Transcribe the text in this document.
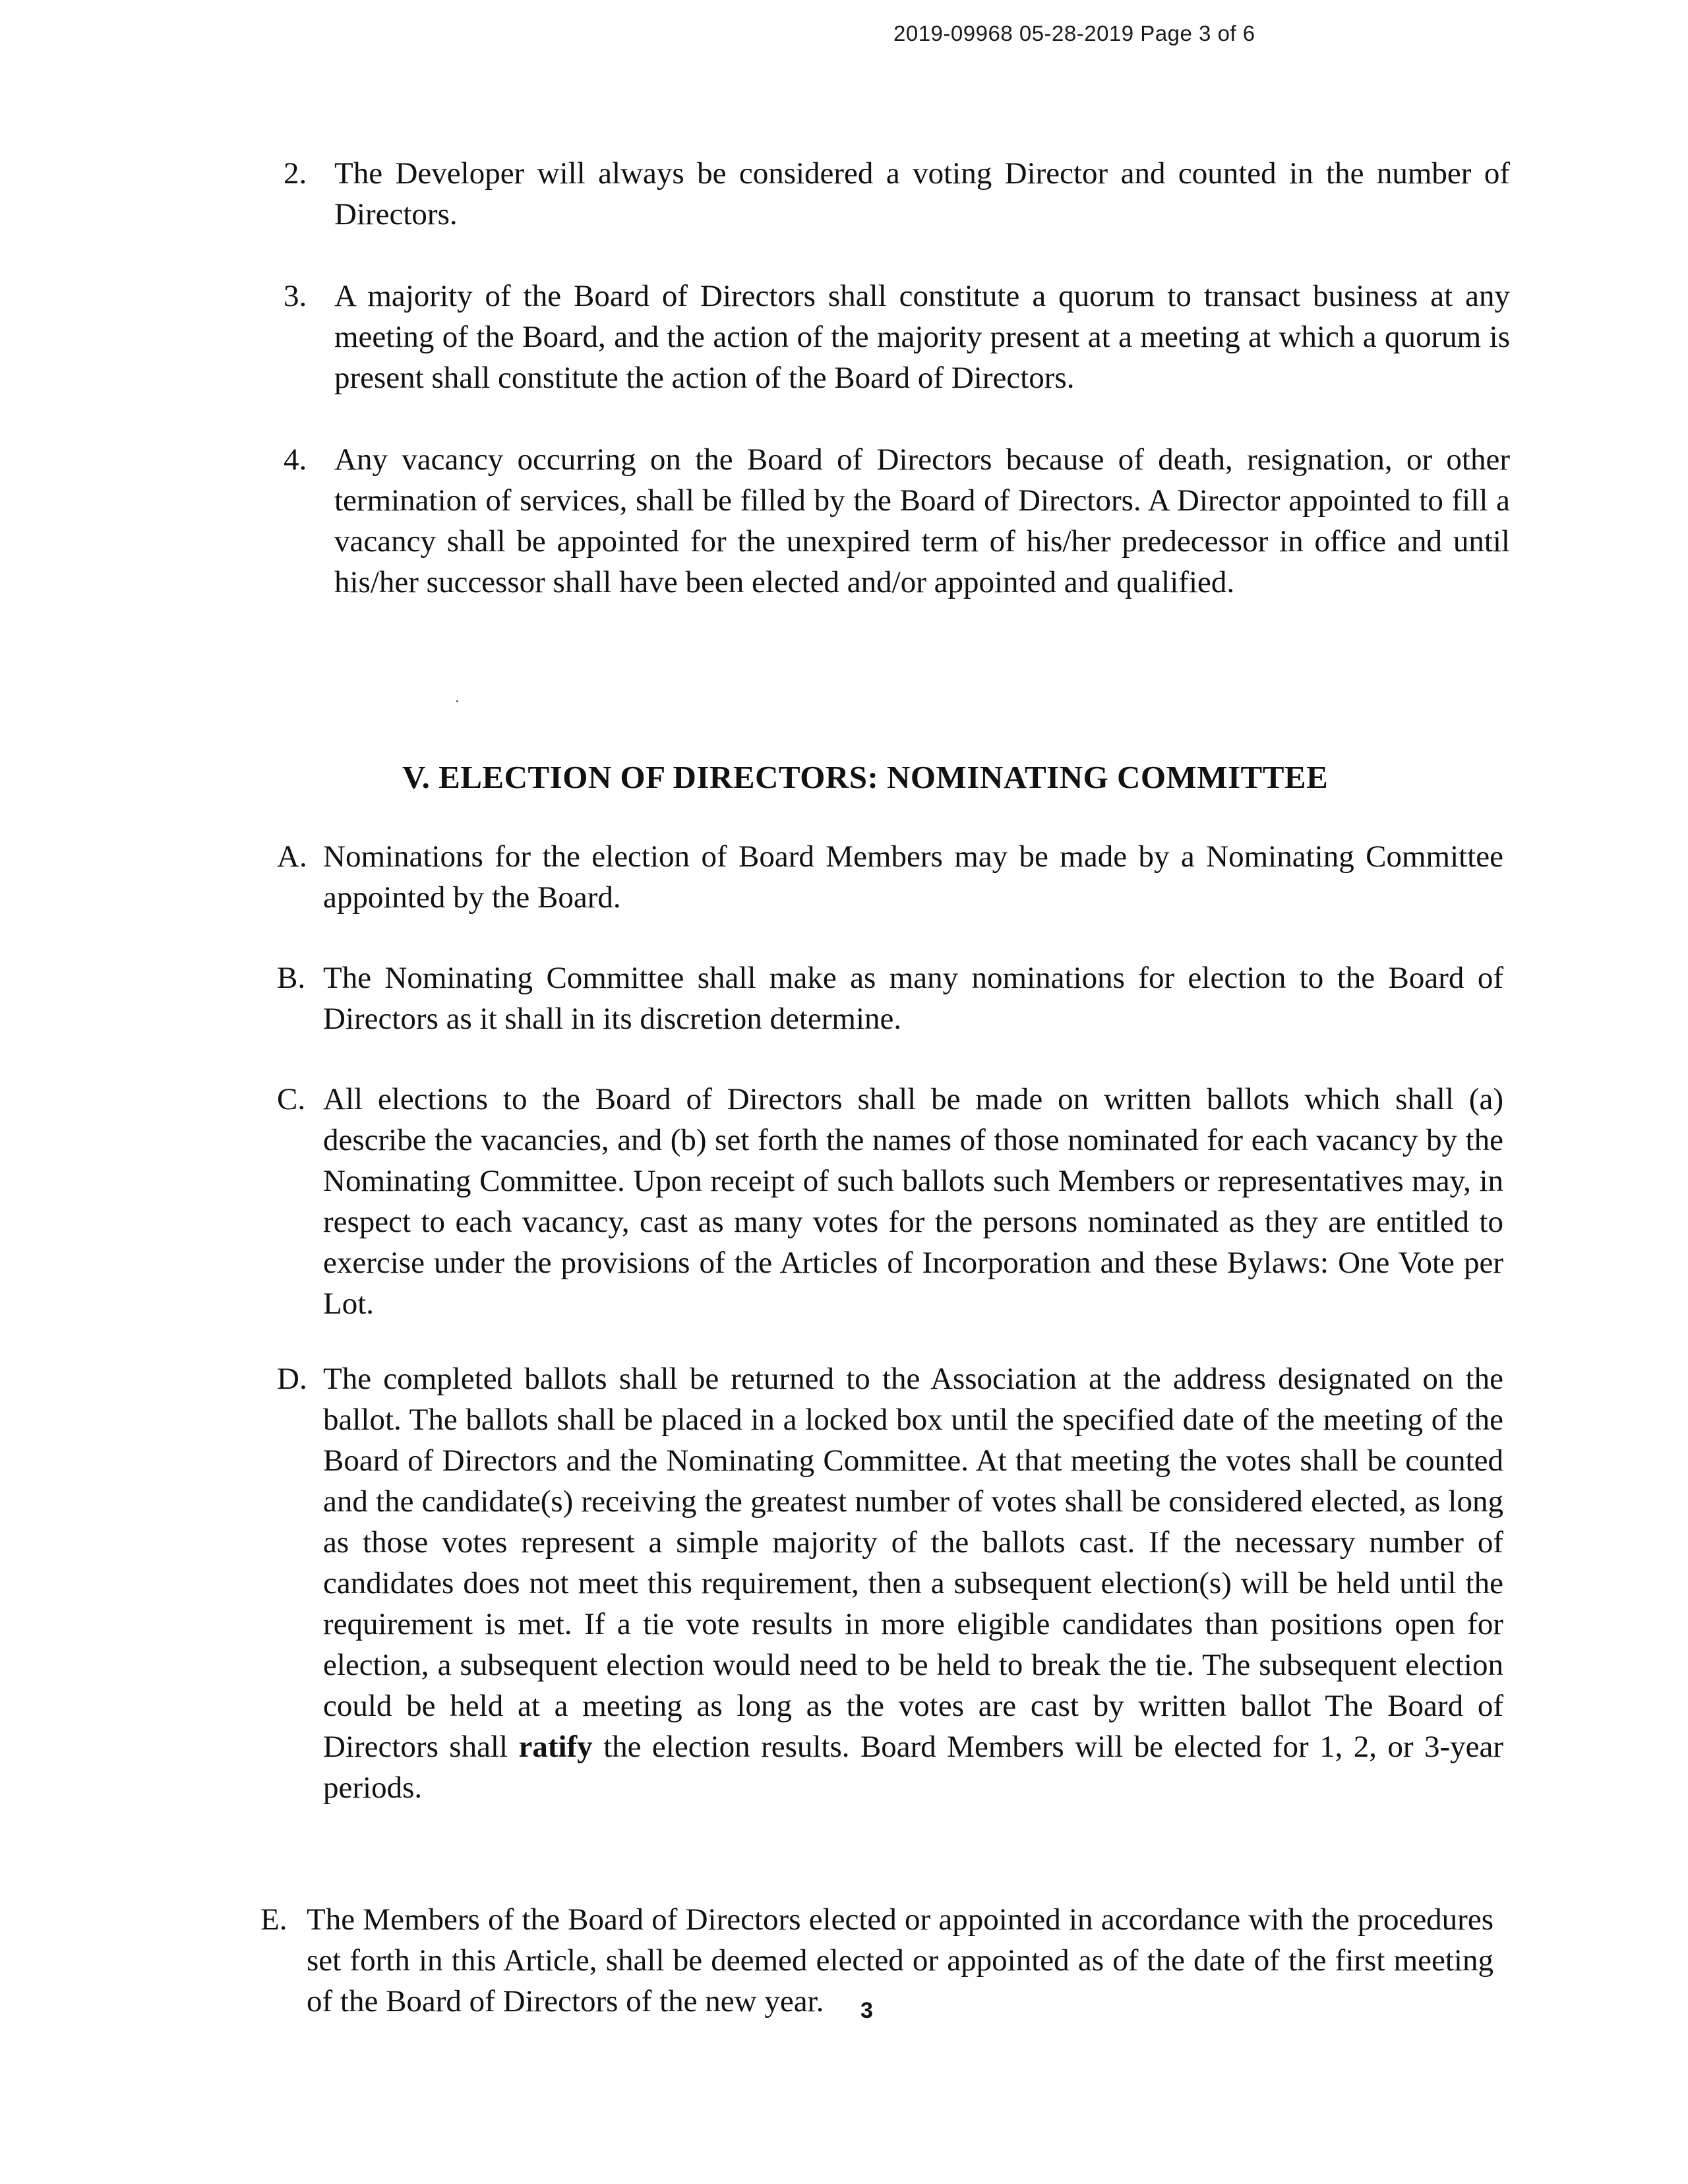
2019-09968 05-28-2019 Page 3 of 6
2. The Developer will always be considered a voting Director and counted in the number of Directors.
3. A majority of the Board of Directors shall constitute a quorum to transact business at any meeting of the Board, and the action of the majority present at a meeting at which a quorum is present shall constitute the action of the Board of Directors.
4. Any vacancy occurring on the Board of Directors because of death, resignation, or other termination of services, shall be filled by the Board of Directors. A Director appointed to fill a vacancy shall be appointed for the unexpired term of his/her predecessor in office and until his/her successor shall have been elected and/or appointed and qualified.
V. ELECTION OF DIRECTORS: NOMINATING COMMITTEE
A. Nominations for the election of Board Members may be made by a Nominating Committee appointed by the Board.
B. The Nominating Committee shall make as many nominations for election to the Board of Directors as it shall in its discretion determine.
C. All elections to the Board of Directors shall be made on written ballots which shall (a) describe the vacancies, and (b) set forth the names of those nominated for each vacancy by the Nominating Committee. Upon receipt of such ballots such Members or representatives may, in respect to each vacancy, cast as many votes for the persons nominated as they are entitled to exercise under the provisions of the Articles of Incorporation and these Bylaws: One Vote per Lot.
D. The completed ballots shall be returned to the Association at the address designated on the ballot. The ballots shall be placed in a locked box until the specified date of the meeting of the Board of Directors and the Nominating Committee. At that meeting the votes shall be counted and the candidate(s) receiving the greatest number of votes shall be considered elected, as long as those votes represent a simple majority of the ballots cast. If the necessary number of candidates does not meet this requirement, then a subsequent election(s) will be held until the requirement is met. If a tie vote results in more eligible candidates than positions open for election, a subsequent election would need to be held to break the tie. The subsequent election could be held at a meeting as long as the votes are cast by written ballot The Board of Directors shall ratify the election results. Board Members will be elected for 1, 2, or 3-year periods.
E. The Members of the Board of Directors elected or appointed in accordance with the procedures set forth in this Article, shall be deemed elected or appointed as of the date of the first meeting of the Board of Directors of the new year.	3
